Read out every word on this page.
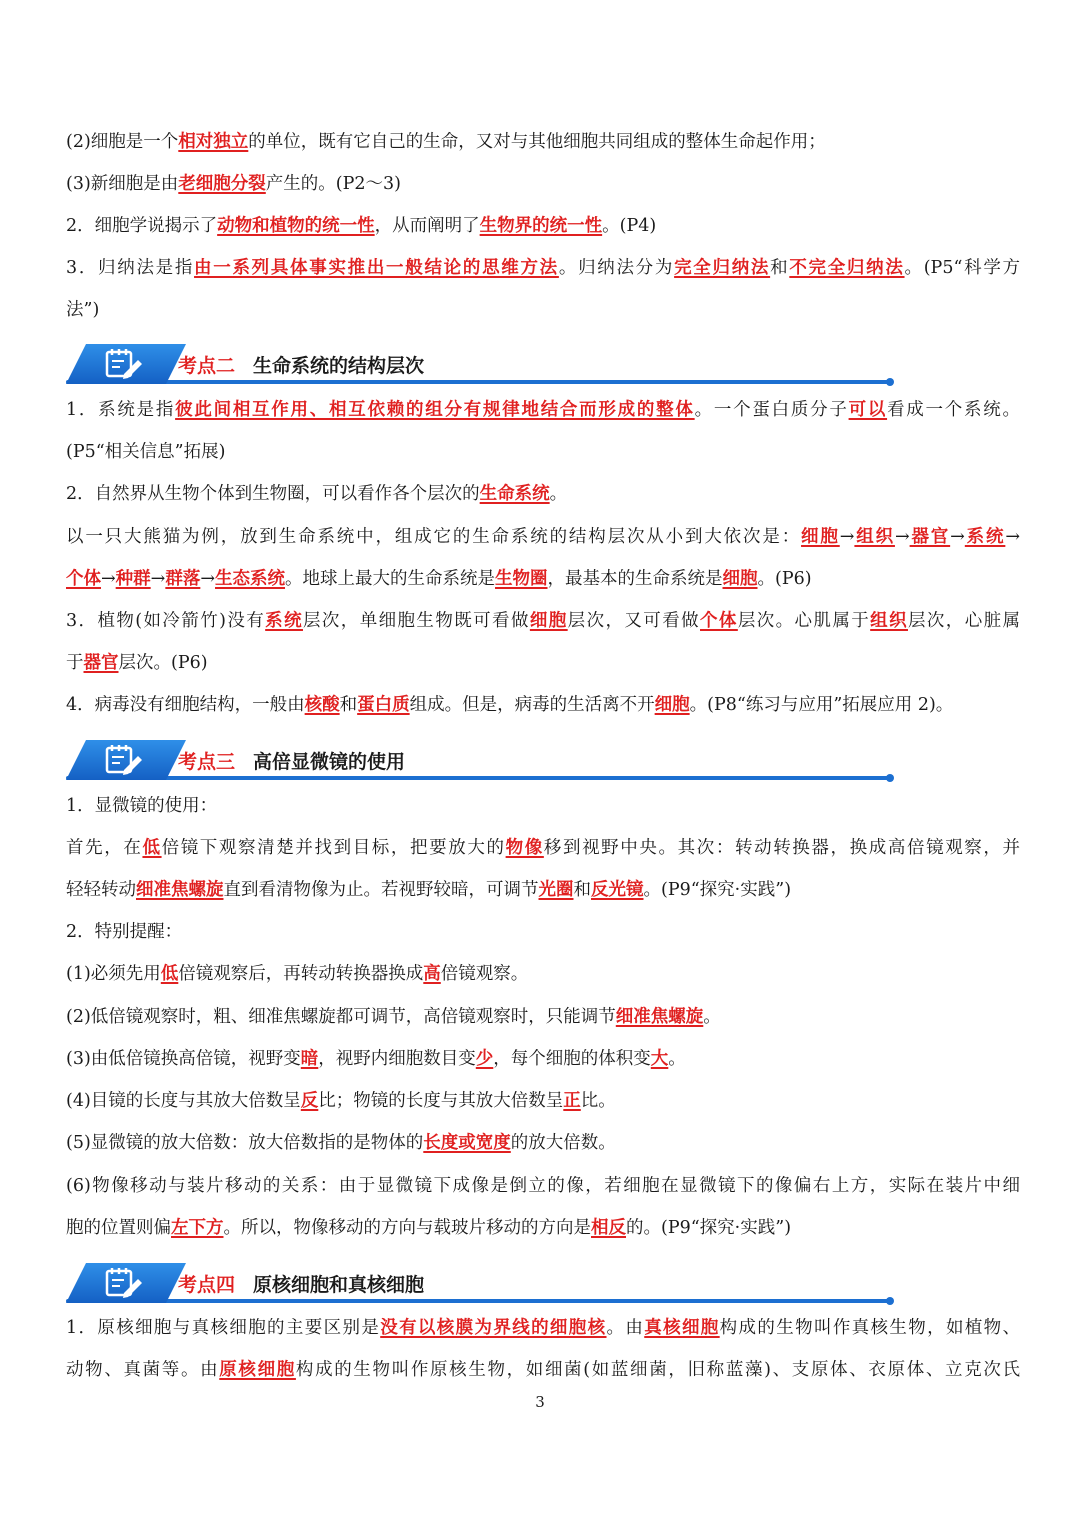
(2)细胞是一个相对独立的单位，既有它自己的生命，又对与其他细胞共同组成的整体生命起作用；
(3)新细胞是由老细胞分裂产生的。(P2～3)
2．细胞学说揭示了动物和植物的统一性，从而阐明了生物界的统一性。(P4)
3．归纳法是指由一系列具体事实推出一般结论的思维方法。归纳法分为完全归纳法和不完全归纳法。(P5“科学方
法”)
考点二 生命系统的结构层次
1．系统是指彼此间相互作用、相互依赖的组分有规律地结合而形成的整体。一个蛋白质分子可以看成一个系统。
(P5“相关信息”拓展)
2．自然界从生物个体到生物圈，可以看作各个层次的生命系统。
以一只大熊猫为例，放到生命系统中，组成它的生命系统的结构层次从小到大依次是：细胞→组织→器官→系统→
个体→种群→群落→生态系统。地球上最大的生命系统是生物圈，最基本的生命系统是细胞。(P6)
3．植物(如冷箭竹)没有系统层次，单细胞生物既可看做细胞层次，又可看做个体层次。心肌属于组织层次，心脏属
于器官层次。(P6)
4．病毒没有细胞结构，一般由核酸和蛋白质组成。但是，病毒的生活离不开细胞。(P8“练习与应用”拓展应用 2)。
考点三 高倍显微镜的使用
1．显微镜的使用：
首先，在低倍镜下观察清楚并找到目标，把要放大的物像移到视野中央。其次：转动转换器，换成高倍镜观察，并
轻轻转动细准焦螺旋直到看清物像为止。若视野较暗，可调节光圈和反光镜。(P9“探究·实践”)
2．特别提醒：
(1)必须先用低倍镜观察后，再转动转换器换成高倍镜观察。
(2)低倍镜观察时，粗、细准焦螺旋都可调节，高倍镜观察时，只能调节细准焦螺旋。
(3)由低倍镜换高倍镜，视野变暗，视野内细胞数目变少，每个细胞的体积变大。
(4)目镜的长度与其放大倍数呈反比；物镜的长度与其放大倍数呈正比。
(5)显微镜的放大倍数：放大倍数指的是物体的长度或宽度的放大倍数。
(6)物像移动与装片移动的关系：由于显微镜下成像是倒立的像，若细胞在显微镜下的像偏右上方，实际在装片中细
胞的位置则偏左下方。所以，物像移动的方向与载玻片移动的方向是相反的。(P9“探究·实践”)
考点四 原核细胞和真核细胞
1．原核细胞与真核细胞的主要区别是没有以核膜为界线的细胞核。由真核细胞构成的生物叫作真核生物，如植物、
动物、真菌等。由原核细胞构成的生物叫作原核生物，如细菌(如蓝细菌，旧称蓝藻)、支原体、衣原体、立克次氏
3
